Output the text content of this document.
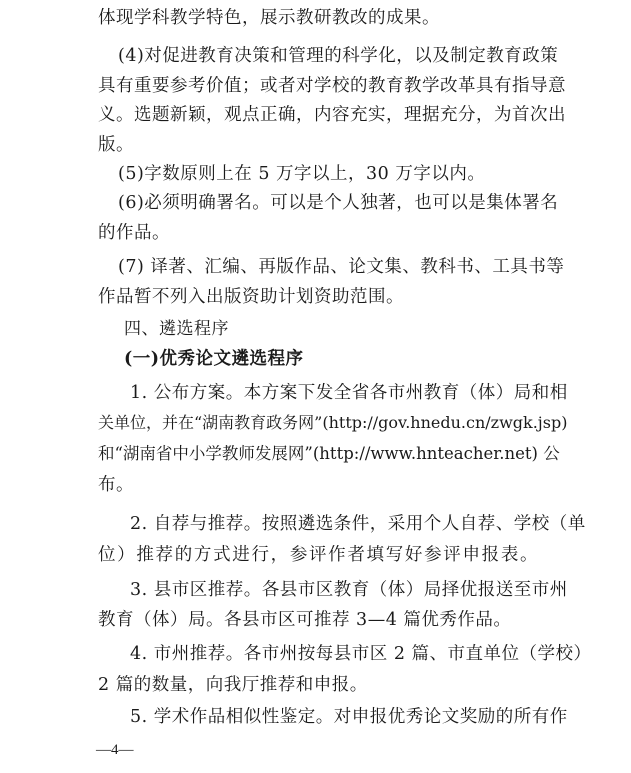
体现学科教学特色，展示教研教改的成果。
(4)对促进教育决策和管理的科学化，以及制定教育政策
具有重要参考价值；或者对学校的教育教学改革具有指导意
义。选题新颖，观点正确，内容充实，理据充分，为首次出
版。
(5)字数原则上在 5 万字以上，30 万字以内。
(6)必须明确署名。可以是个人独著，也可以是集体署名
的作品。
(7) 译著、汇编、再版作品、论文集、教科书、工具书等
作品暂不列入出版资助计划资助范围。
四、遴选程序
(一)优秀论文遴选程序
1. 公布方案。本方案下发全省各市州教育（体）局和相
关单位，并在“湖南教育政务网”(http://gov.hnedu.cn/zwgk.jsp)
和“湖南省中小学教师发展网”(http://www.hnteacher.net) 公
布。
2. 自荐与推荐。按照遴选条件，采用个人自荐、学校（单
位）推荐的方式进行，参评作者填写好参评申报表。
3. 县市区推荐。各县市区教育（体）局择优报送至市州
教育（体）局。各县市区可推荐 3—4 篇优秀作品。
4. 市州推荐。各市州按每县市区 2 篇、市直单位（学校）
2 篇的数量，向我厅推荐和申报。
5. 学术作品相似性鉴定。对申报优秀论文奖励的所有作
—4—
